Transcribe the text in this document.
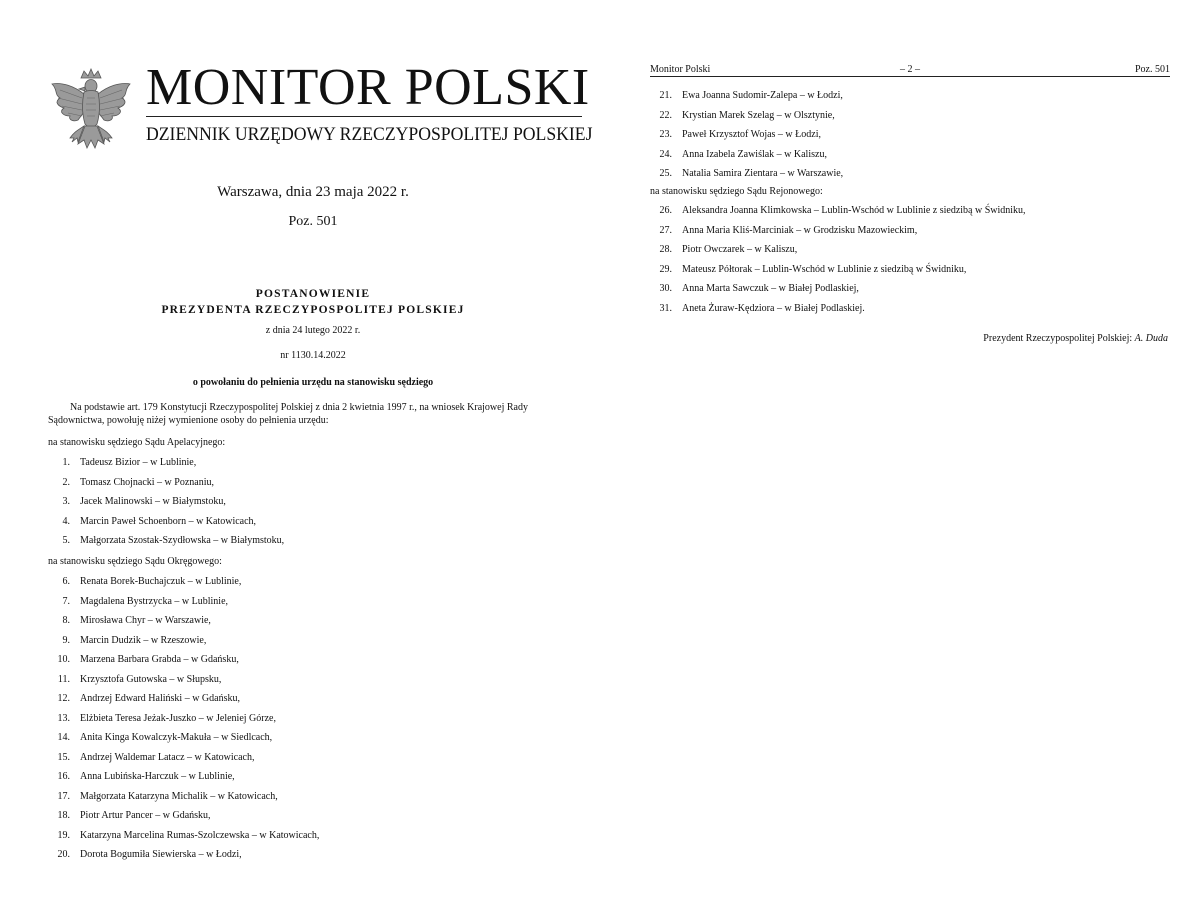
MONITOR POLSKI
DZIENNIK URZĘDOWY RZECZYPOSPOLITEJ POLSKIEJ
Warszawa, dnia 23 maja 2022 r.
Poz. 501
POSTANOWIENIE
PREZYDENTA RZECZYPOSPOLITEJ POLSKIEJ
z dnia 24 lutego 2022 r.
nr 1130.14.2022
o powołaniu do pełnienia urzędu na stanowisku sędziego

Na podstawie art. 179 Konstytucji Rzeczypospolitej Polskiej z dnia 2 kwietnia 1997 r., na wniosek Krajowej Rady Sądownictwa, powołuję niżej wymienione osoby do pełnienia urzędu:

na stanowisku sędziego Sądu Apelacyjnego:
1. Tadeusz Bizior – w Lublinie,
2. Tomasz Chojnacki – w Poznaniu,
3. Jacek Malinowski – w Białymstoku,
4. Marcin Paweł Schoenborn – w Katowicach,
5. Małgorzata Szostak-Szydłowska – w Białymstoku,
na stanowisku sędziego Sądu Okręgowego:
6. Renata Borek-Buchajczuk – w Lublinie,
7. Magdalena Bystrzycka – w Lublinie,
8. Mirosława Chyr – w Warszawie,
9. Marcin Dudzik – w Rzeszowie,
10. Marzena Barbara Grabda – w Gdańsku,
11. Krzysztofa Gutowska – w Słupsku,
12. Andrzej Edward Haliński – w Gdańsku,
13. Elżbieta Teresa Jeżak-Juszko – w Jeleniej Górze,
14. Anita Kinga Kowalczyk-Makuła – w Siedlcach,
15. Andrzej Waldemar Latacz – w Katowicach,
16. Anna Lubińska-Harczuk – w Lublinie,
17. Małgorzata Katarzyna Michalik – w Katowicach,
18. Piotr Artur Pancer – w Gdańsku,
19. Katarzyna Marcelina Rumas-Szolczewska – w Katowicach,
20. Dorota Bogumiła Siewierska – w Łodzi,
Monitor Polski	– 2 –	Poz. 501
21. Ewa Joanna Sudomir-Zalepa – w Łodzi,
22. Krystian Marek Szelag – w Olsztynie,
23. Paweł Krzysztof Wojas – w Łodzi,
24. Anna Izabela Zawiślak – w Kaliszu,
25. Natalia Samira Zientara – w Warszawie,
na stanowisku sędziego Sądu Rejonowego:
26. Aleksandra Joanna Klimkowska – Lublin-Wschód w Lublinie z siedzibą w Świdniku,
27. Anna Maria Kliś-Marciniak – w Grodzisku Mazowieckim,
28. Piotr Owczarek – w Kaliszu,
29. Mateusz Półtorak – Lublin-Wschód w Lublinie z siedzibą w Świdniku,
30. Anna Marta Sawczuk – w Białej Podlaskiej,
31. Aneta Żuraw-Kędziora – w Białej Podlaskiej.
Prezydent Rzeczypospolitej Polskiej: A. Duda
